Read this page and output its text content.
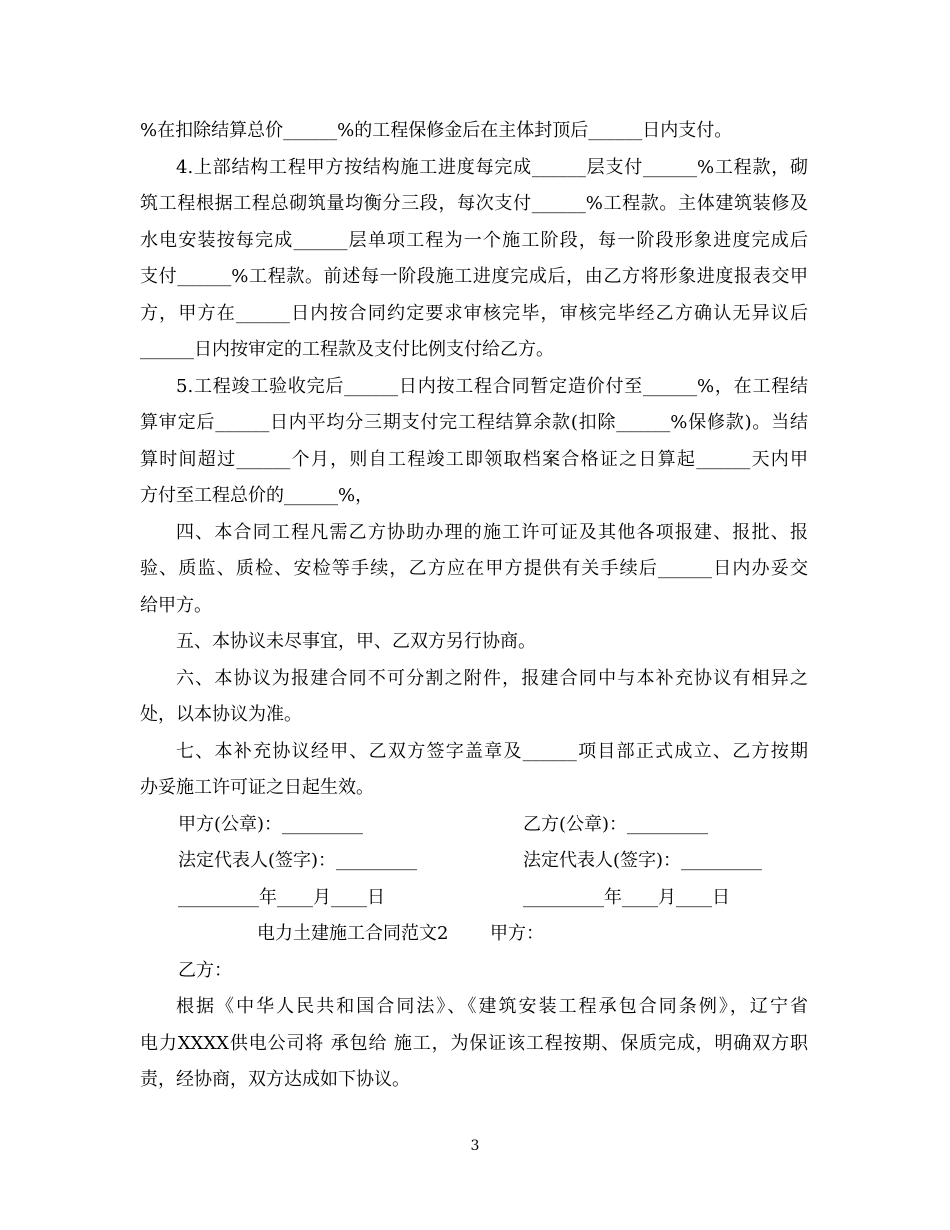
%在扣除结算总价______%的工程保修金后在主体封顶后______日内支付。
4.上部结构工程甲方按结构施工进度每完成______层支付______%工程款，砌
筑工程根据工程总砌筑量均衡分三段，每次支付______%工程款。主体建筑装修及
水电安装按每完成______层单项工程为一个施工阶段，每一阶段形象进度完成后
支付______%工程款。前述每一阶段施工进度完成后，由乙方将形象进度报表交甲
方，甲方在______日内按合同约定要求审核完毕，审核完毕经乙方确认无异议后
______日内按审定的工程款及支付比例支付给乙方。
5.工程竣工验收完后______日内按工程合同暂定造价付至______%，在工程结
算审定后______日内平均分三期支付完工程结算余款(扣除______%保修款)。当结
算时间超过______个月，则自工程竣工即领取档案合格证之日算起______天内甲
方付至工程总价的______%，
四、本合同工程凡需乙方协助办理的施工许可证及其他各项报建、报批、报
验、质监、质检、安检等手续，乙方应在甲方提供有关手续后______日内办妥交
给甲方。
五、本协议未尽事宜，甲、乙双方另行协商。
六、本协议为报建合同不可分割之附件，报建合同中与本补充协议有相异之
处，以本协议为准。
七、本补充协议经甲、乙双方签字盖章及______项目部正式成立、乙方按期
办妥施工许可证之日起生效。
甲方(公章)：_________	乙方(公章)：_________
法定代表人(签字)：_________	法定代表人(签字)：_________
_________年____月____日	_________年____月____日
电力土建施工合同范文2 甲方：
乙方：
根据《中华人民共和国合同法》、《建筑安装工程承包合同条例》，辽宁省
电力XXXX供电公司将 承包给 施工，为保证该工程按期、保质完成，明确双方职
责，经协商，双方达成如下协议。
3
